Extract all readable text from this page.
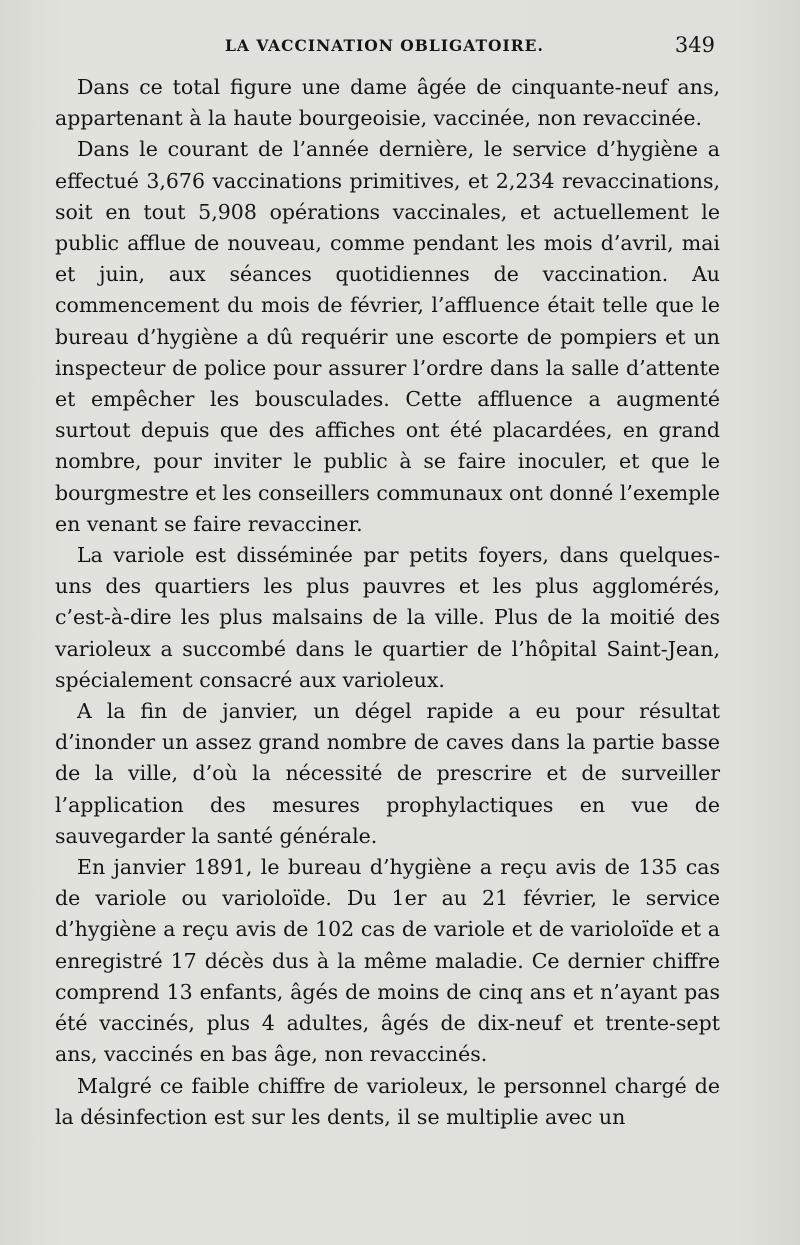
LA VACCINATION OBLIGATOIRE.	349

Dans ce total figure une dame âgée de cinquante-neuf ans, appartenant à la haute bourgeoisie, vaccinée, non revaccinée.

Dans le courant de l’année dernière, le service d’hygiène a effectué 3,676 vaccinations primitives, et 2,234 revaccinations, soit en tout 5,908 opérations vaccinales, et actuellement le public afflue de nouveau, comme pendant les mois d’avril, mai et juin, aux séances quotidiennes de vaccination. Au commencement du mois de février, l’affluence était telle que le bureau d’hygiène a dû requérir une escorte de pompiers et un inspecteur de police pour assurer l’ordre dans la salle d’attente et empêcher les bousculades. Cette affluence a augmenté surtout depuis que des affiches ont été placardées, en grand nombre, pour inviter le public à se faire inoculer, et que le bourgmestre et les conseillers communaux ont donné l’exemple en venant se faire revacciner.

La variole est disséminée par petits foyers, dans quelques-uns des quartiers les plus pauvres et les plus agglomérés, c’est-à-dire les plus malsains de la ville. Plus de la moitié des varioleux a succombé dans le quartier de l’hôpital Saint-Jean, spécialement consacré aux varioleux.

A la fin de janvier, un dégel rapide a eu pour résultat d’inonder un assez grand nombre de caves dans la partie basse de la ville, d’où la nécessité de prescrire et de surveiller l’application des mesures prophylactiques en vue de sauvegarder la santé générale.

En janvier 1891, le bureau d’hygiène a reçu avis de 135 cas de variole ou varioloïde. Du 1er au 21 février, le service d’hygiène a reçu avis de 102 cas de variole et de varioloïde et a enregistré 17 décès dus à la même maladie. Ce dernier chiffre comprend 13 enfants, âgés de moins de cinq ans et n’ayant pas été vaccinés, plus 4 adultes, âgés de dix-neuf et trente-sept ans, vaccinés en bas âge, non revaccinés.

Malgré ce faible chiffre de varioleux, le personnel chargé de la désinfection est sur les dents, il se multiplie avec un
